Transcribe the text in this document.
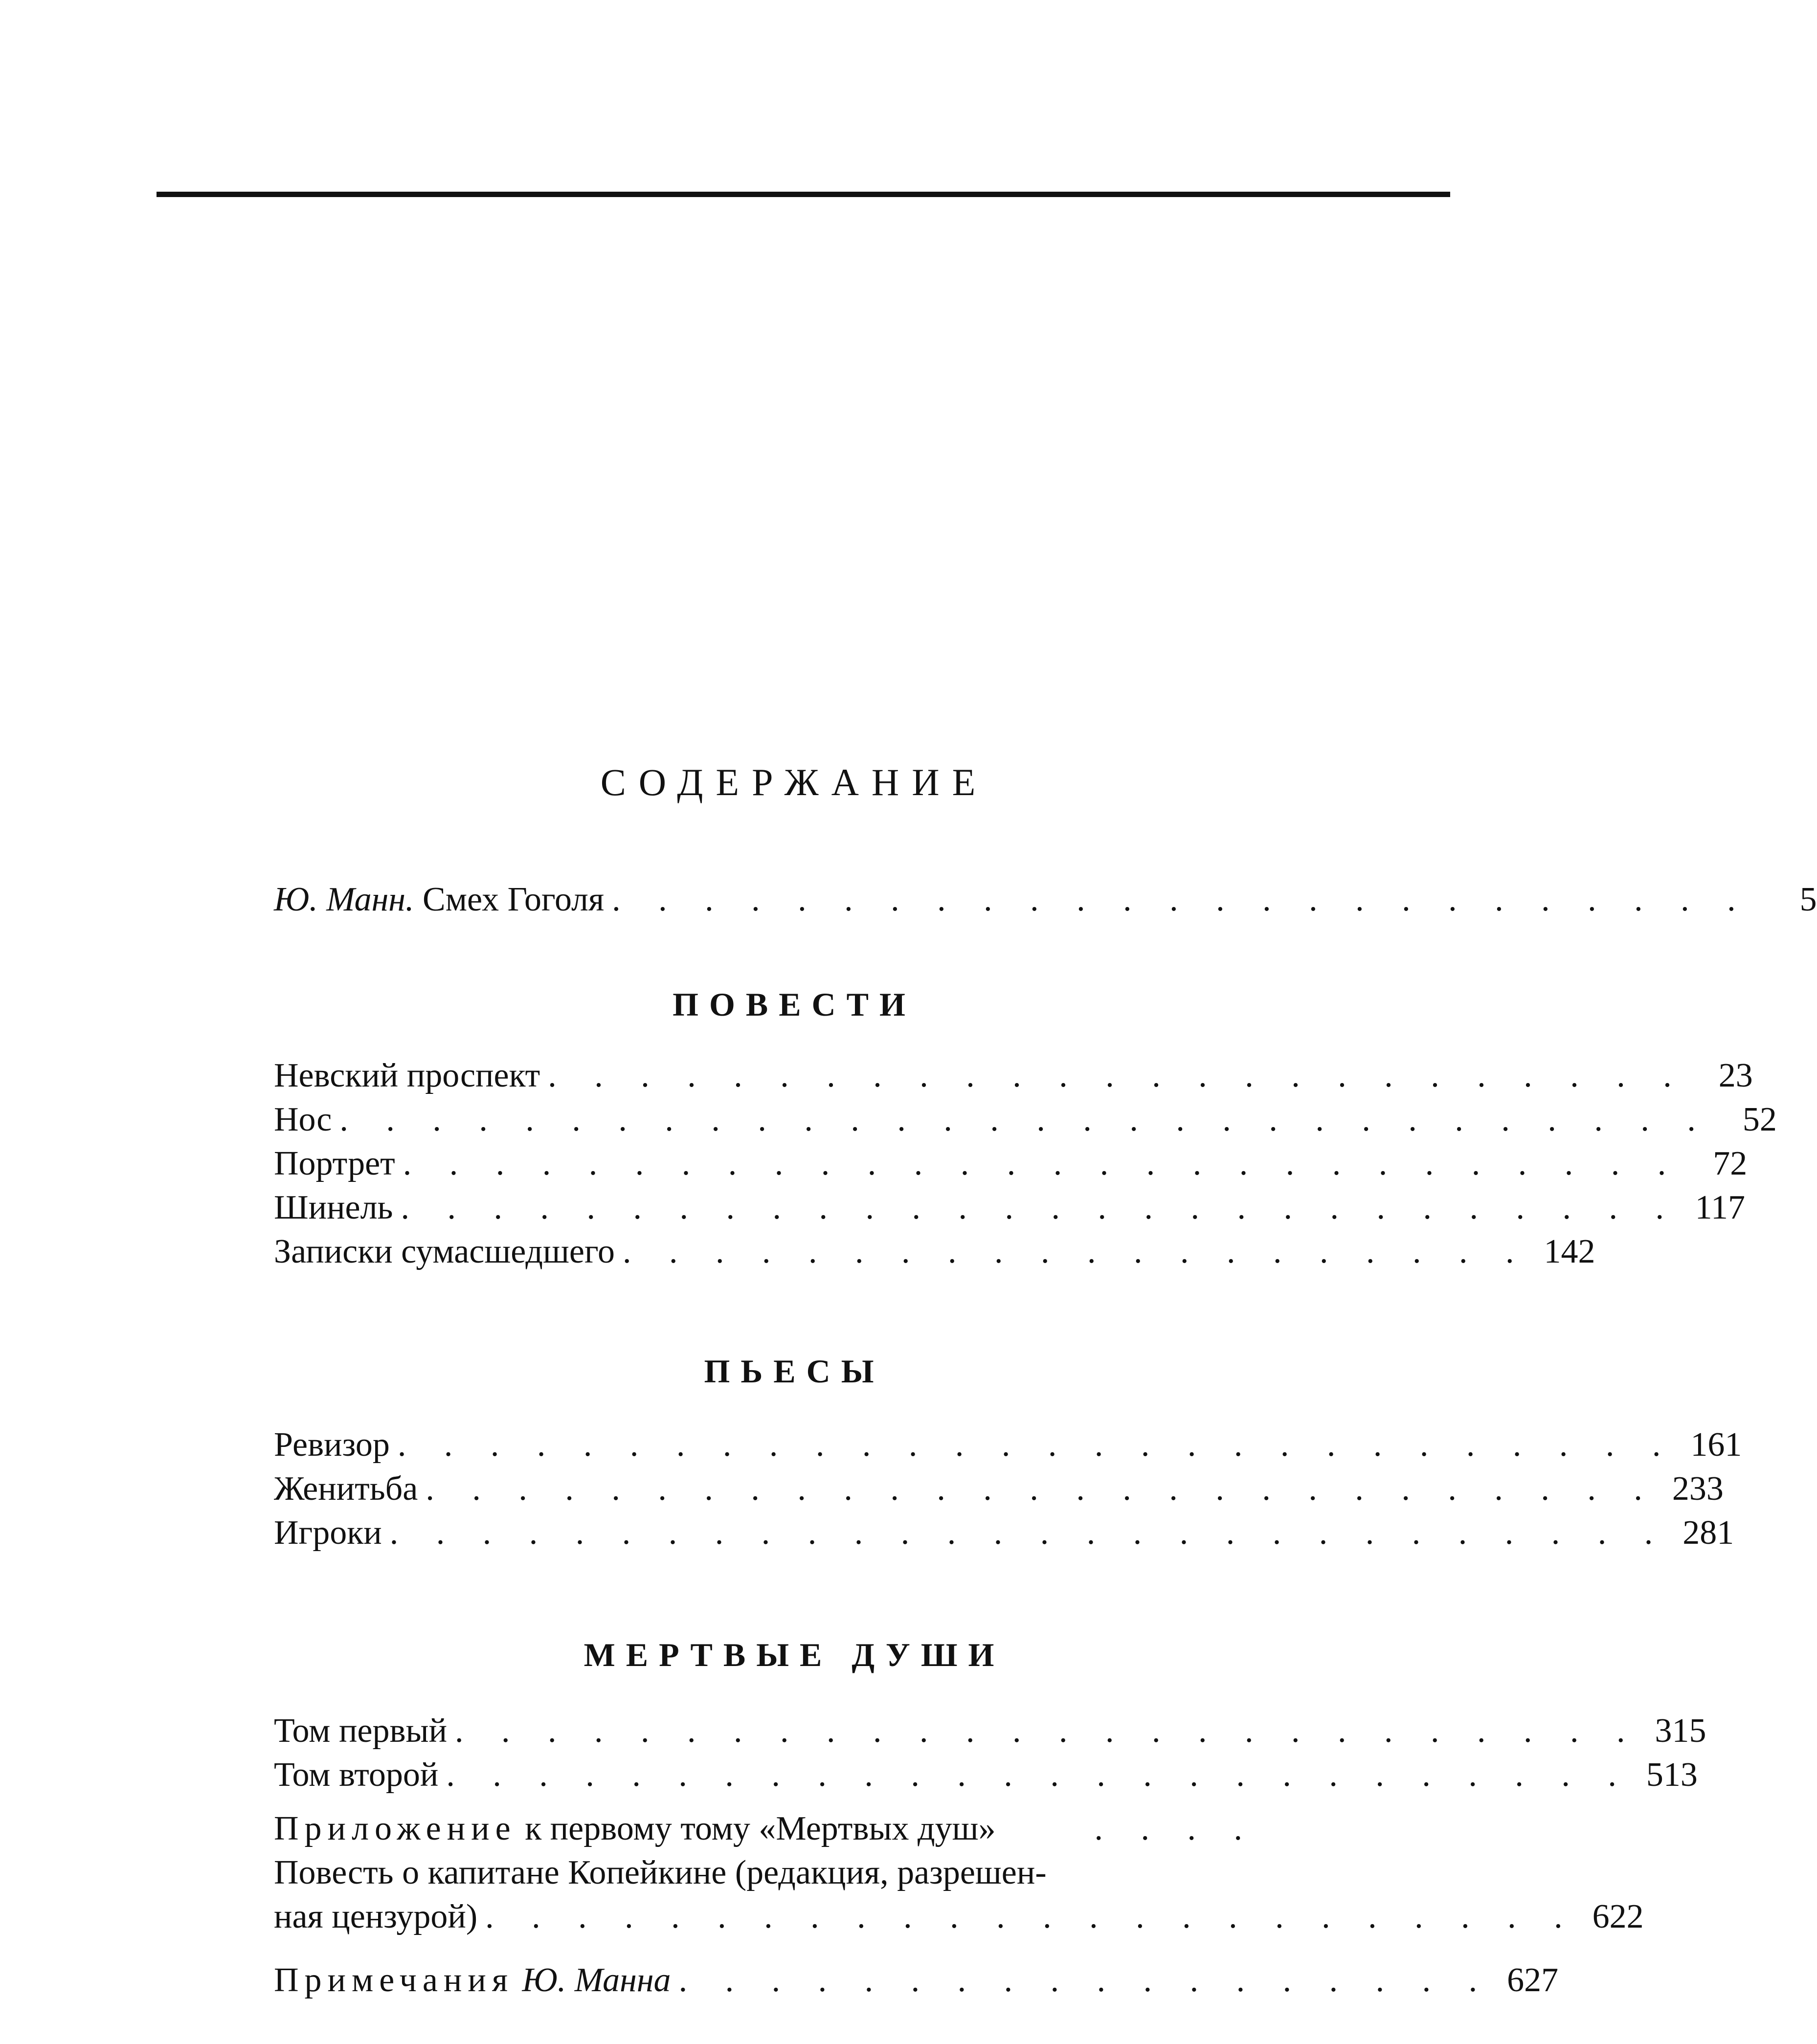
СОДЕРЖАНИЕ
Ю. Манн. Смех Гоголя . . . . . . . . . . . . . . . . . . . . . . . . .	5
ПОВЕСТИ
Невский проспект . . . . . . . . . . . . . . . . . . . . . . . . . 23
Нос . . . . . . . . . . . . . . . . . . . . . . . . . . . . . . 52
Портрет . . . . . . . . . . . . . . . . . . . . . . . . . . . . 72
Шинель . . . . . . . . . . . . . . . . . . . . . . . . . . . . 117
Записки сумасшедшего . . . . . . . . . . . . . . . . . . . . 142
ПЬЕСЫ
Ревизор . . . . . . . . . . . . . . . . . . . . . . . . . . . . 161
Женитьба . . . . . . . . . . . . . . . . . . . . . . . . . . . 233
Игроки . . . . . . . . . . . . . . . . . . . . . . . . . . . . 281
МЕРТВЫЕ ДУШИ
Том первый . . . . . . . . . . . . . . . . . . . . . . . . . . 315
Том второй . . . . . . . . . . . . . . . . . . . . . . . . . . 513
Приложение к первому тому «Мертвых душ»	. . . .
Повесть о капитане Копейкине (редакция, разрешен-
ная цензурой) . . . . . . . . . . . . . . . . . . . . . . . . 622
Примечания Ю. Манна . . . . . . . . . . . . . . . . . . 627
